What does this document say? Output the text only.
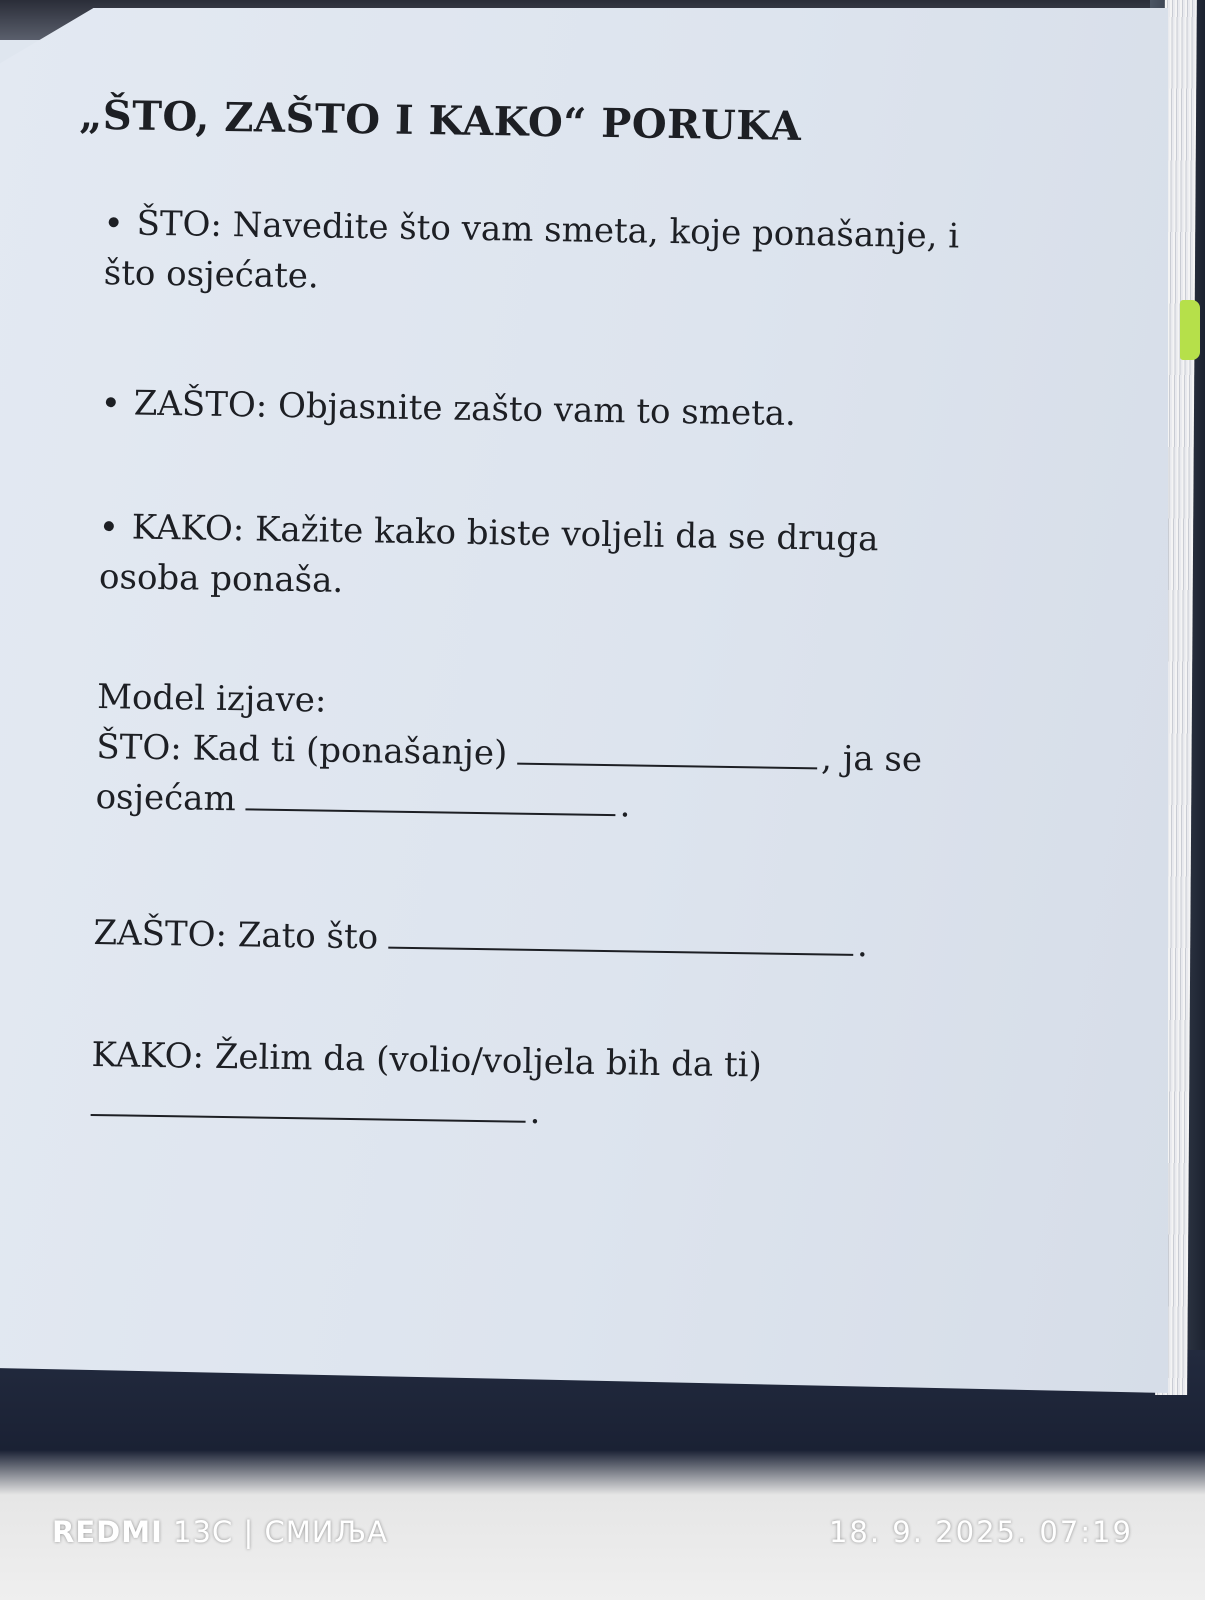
„ŠTO, ZAŠTO I KAKO“ PORUKA
ŠTO: Navedite što vam smeta, koje ponašanje, i
što osjećate.
ZAŠTO: Objasnite zašto vam to smeta.
KAKO: Kažite kako biste voljeli da se druga
osoba ponaša.
Model izjave:
ŠTO: Kad ti (ponašanje)	, ja se
osjećam	.
ZAŠTO: Zato što	.
KAKO: Želim da (volio/voljela bih da ti)
.
REDMI 13C | СМИЉА	18. 9. 2025. 07:19
